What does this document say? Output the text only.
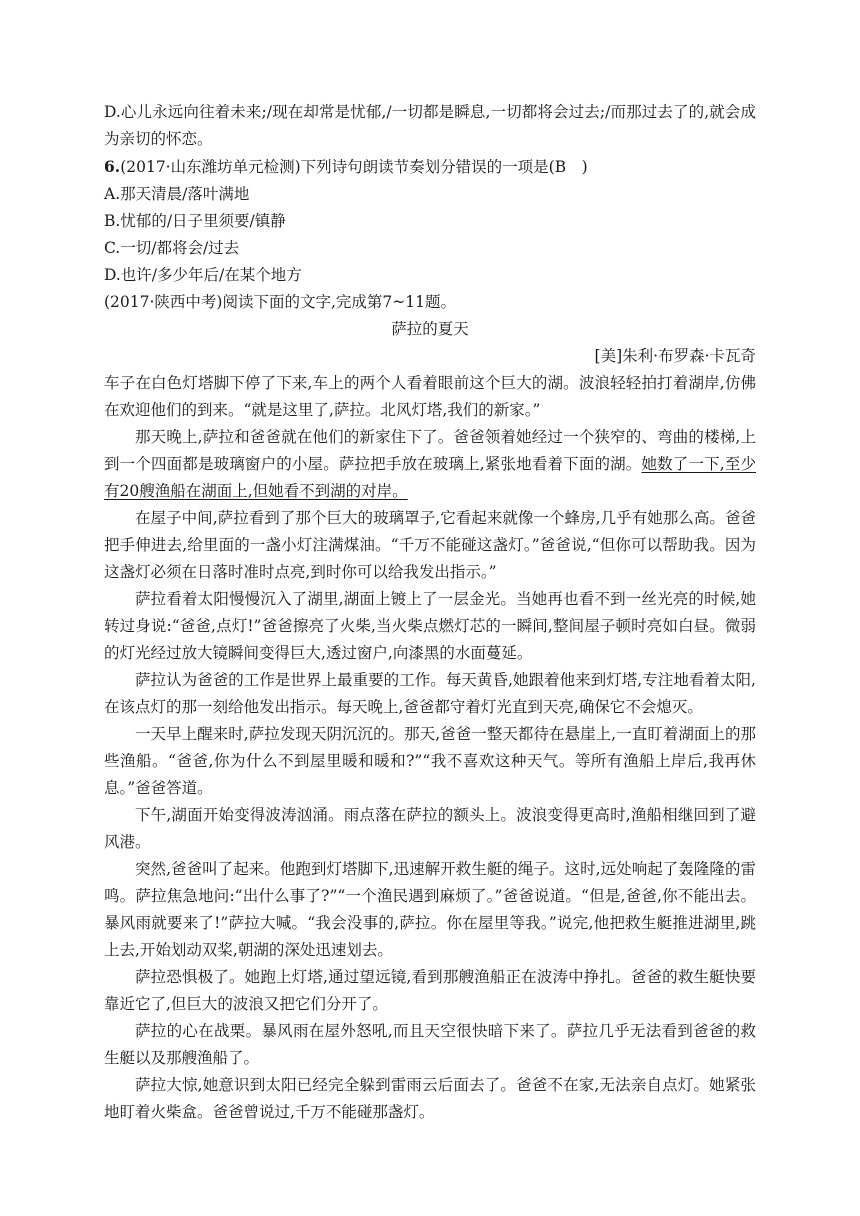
D.心儿永远向往着未来;/现在却常是忧郁,/一切都是瞬息,一切都将会过去;/而那过去了的,就会成为亲切的怀恋。

6.(2017·山东潍坊单元检测)下列诗句朗读节奏划分错误的一项是(B　)

A.那天清晨/落叶满地

B.忧郁的/日子里须要/镇静

C.一切/都将会/过去

D.也许/多少年后/在某个地方

(2017·陕西中考)阅读下面的文字,完成第7~11题。

萨拉的夏天

[美]朱利·布罗森·卡瓦奇

车子在白色灯塔脚下停了下来,车上的两个人看着眼前这个巨大的湖。波浪轻轻拍打着湖岸,仿佛在欢迎他们的到来。“就是这里了,萨拉。北风灯塔,我们的新家。”

那天晚上,萨拉和爸爸就在他们的新家住下了。爸爸领着她经过一个狭窄的、弯曲的楼梯,上到一个四面都是玻璃窗户的小屋。萨拉把手放在玻璃上,紧张地看着下面的湖。她数了一下,至少有20艘渔船在湖面上,但她看不到湖的对岸。

在屋子中间,萨拉看到了那个巨大的玻璃罩子,它看起来就像一个蜂房,几乎有她那么高。爸爸把手伸进去,给里面的一盏小灯注满煤油。“千万不能碰这盏灯。”爸爸说,“但你可以帮助我。因为这盏灯必须在日落时准时点亮,到时你可以给我发出指示。”

萨拉看着太阳慢慢沉入了湖里,湖面上镀上了一层金光。当她再也看不到一丝光亮的时候,她转过身说:“爸爸,点灯!”爸爸擦亮了火柴,当火柴点燃灯芯的一瞬间,整间屋子顿时亮如白昼。微弱的灯光经过放大镜瞬间变得巨大,透过窗户,向漆黑的水面蔓延。

萨拉认为爸爸的工作是世界上最重要的工作。每天黄昏,她跟着他来到灯塔,专注地看着太阳,在该点灯的那一刻给他发出指示。每天晚上,爸爸都守着灯光直到天亮,确保它不会熄灭。

一天早上醒来时,萨拉发现天阴沉沉的。那天,爸爸一整天都待在悬崖上,一直盯着湖面上的那些渔船。“爸爸,你为什么不到屋里暖和暖和?”“我不喜欢这种天气。等所有渔船上岸后,我再休息。”爸爸答道。

下午,湖面开始变得波涛汹涌。雨点落在萨拉的额头上。波浪变得更高时,渔船相继回到了避风港。

突然,爸爸叫了起来。他跑到灯塔脚下,迅速解开救生艇的绳子。这时,远处响起了轰隆隆的雷鸣。萨拉焦急地问:“出什么事了?”“一个渔民遇到麻烦了。”爸爸说道。“但是,爸爸,你不能出去。暴风雨就要来了!”萨拉大喊。“我会没事的,萨拉。你在屋里等我。”说完,他把救生艇推进湖里,跳上去,开始划动双桨,朝湖的深处迅速划去。

萨拉恐惧极了。她跑上灯塔,通过望远镜,看到那艘渔船正在波涛中挣扎。爸爸的救生艇快要靠近它了,但巨大的波浪又把它们分开了。

萨拉的心在战栗。暴风雨在屋外怒吼,而且天空很快暗下来了。萨拉几乎无法看到爸爸的救生艇以及那艘渔船了。

萨拉大惊,她意识到太阳已经完全躲到雷雨云后面去了。爸爸不在家,无法亲自点灯。她紧张地盯着火柴盒。爸爸曾说过,千万不能碰那盏灯。
